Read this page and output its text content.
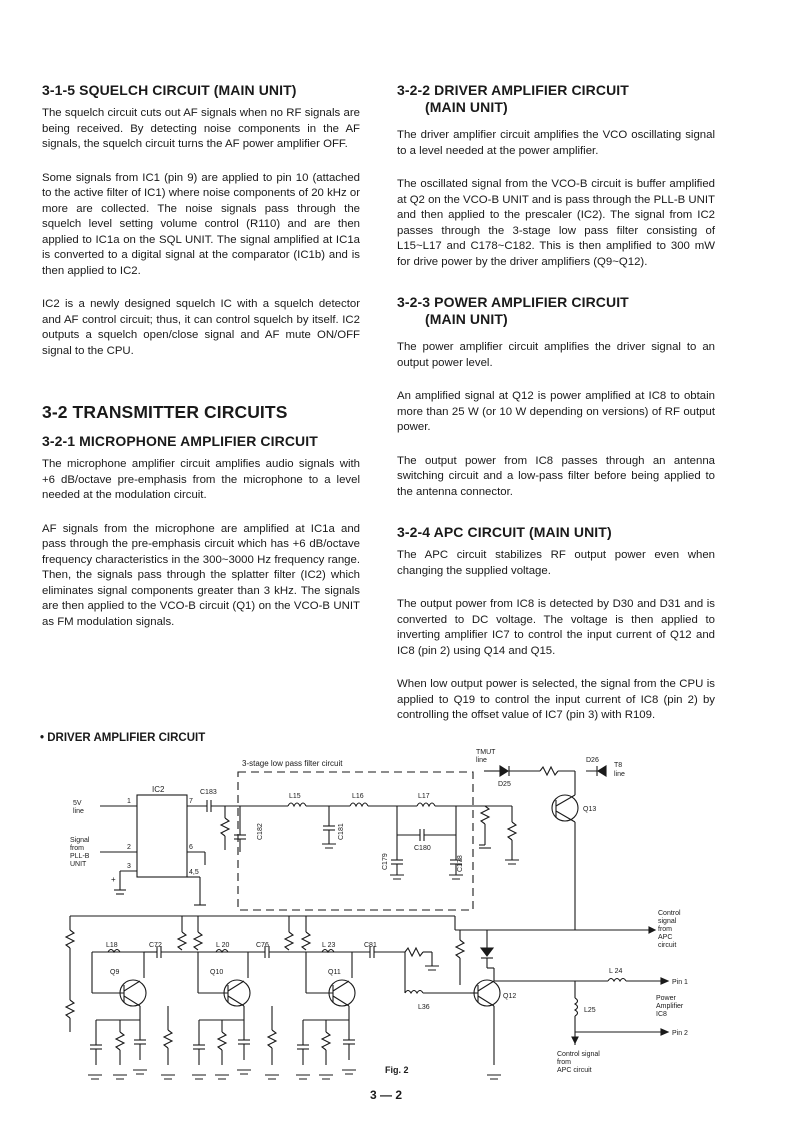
3-1-5 SQUELCH CIRCUIT (MAIN UNIT)

The squelch circuit cuts out AF signals when no RF signals are being received. By detecting noise components in the AF signals, the squelch circuit turns the AF power amplifier OFF.

Some signals from IC1 (pin 9) are applied to pin 10 (attached to the active filter of IC1) where noise components of 20 kHz or more are collected. The noise signals pass through the squelch level setting volume control (R110) and are then applied to IC1a on the SQL UNIT. The signal amplified at IC1a is converted to a digital signal at the comparator (IC1b) and is then applied to IC2.

IC2 is a newly designed squelch IC with a squelch detector and AF control circuit; thus, it can control squelch by itself. IC2 outputs a squelch open/close signal and AF mute ON/OFF signal to the CPU.

3-2 TRANSMITTER CIRCUITS
3-2-1 MICROPHONE AMPLIFIER CIRCUIT

The microphone amplifier circuit amplifies audio signals with +6 dB/octave pre-emphasis from the microphone to a level needed at the modulation circuit.

AF signals from the microphone are amplified at IC1a and pass through the pre-emphasis circuit which has +6 dB/octave frequency characteristics in the 300~3000 Hz frequency range. Then, the signals pass through the splatter filter (IC2) which eliminates signal components greater than 3 kHz. The signals are then applied to the VCO-B circuit (Q1) on the VCO-B UNIT as FM modulation signals.

3-2-2 DRIVER AMPLIFIER CIRCUIT
(MAIN UNIT)

The driver amplifier circuit amplifies the VCO oscillating signal to a level needed at the power amplifier.

The oscillated signal from the VCO-B circuit is buffer amplified at Q2 on the VCO-B UNIT and is pass through the PLL-B UNIT and then applied to the prescaler (IC2). The signal from IC2 passes through the 3-stage low pass filter consisting of L15~L17 and C178~C182. This is then amplified to 300 mW for drive power by the driver amplifiers (Q9~Q12).

3-2-3 POWER AMPLIFIER CIRCUIT
(MAIN UNIT)

The power amplifier circuit amplifies the driver signal to an output power level.

An amplified signal at Q12 is power amplified at IC8 to obtain more than 25 W (or 10 W depending on versions) of RF output power.

The output power from IC8 passes through an antenna switching circuit and a low-pass filter before being applied to the antenna connector.

3-2-4 APC CIRCUIT (MAIN UNIT)

The APC circuit stabilizes RF output power even when changing the supplied voltage.

The output power from IC8 is detected by D30 and D31 and is converted to DC voltage. The voltage is then applied to inverting amplifier IC7 to control the input current of Q12 and IC8 (pin 2) using Q14 and Q15.

When low output power is selected, the signal from the CPU is applied to Q19 to control the input current of IC8 (pin 2) by controlling the offset value of IC7 (pin 3) with R109.

• DRIVER AMPLIFIER CIRCUIT
3-stage low pass filter circuit
IC2
1
2
3
+
5V
line
Signal
from
PLL-B
UNIT
7
6
4,5
C183
L15	L16	L17
C182	C181
C179
C180
C178
TMUT
line
D25
D26
T8
line
Q13
Control
signal
from
APC
circuit
L18	C72	L 20	C76	L 23	C81
L36
Q9	Q10	Q11
Q12
L 24
Pin 1
Power
Amplifier
IC8
L25
Pin 2
Control signal
from
APC circuit
Fig. 2
3 — 2
